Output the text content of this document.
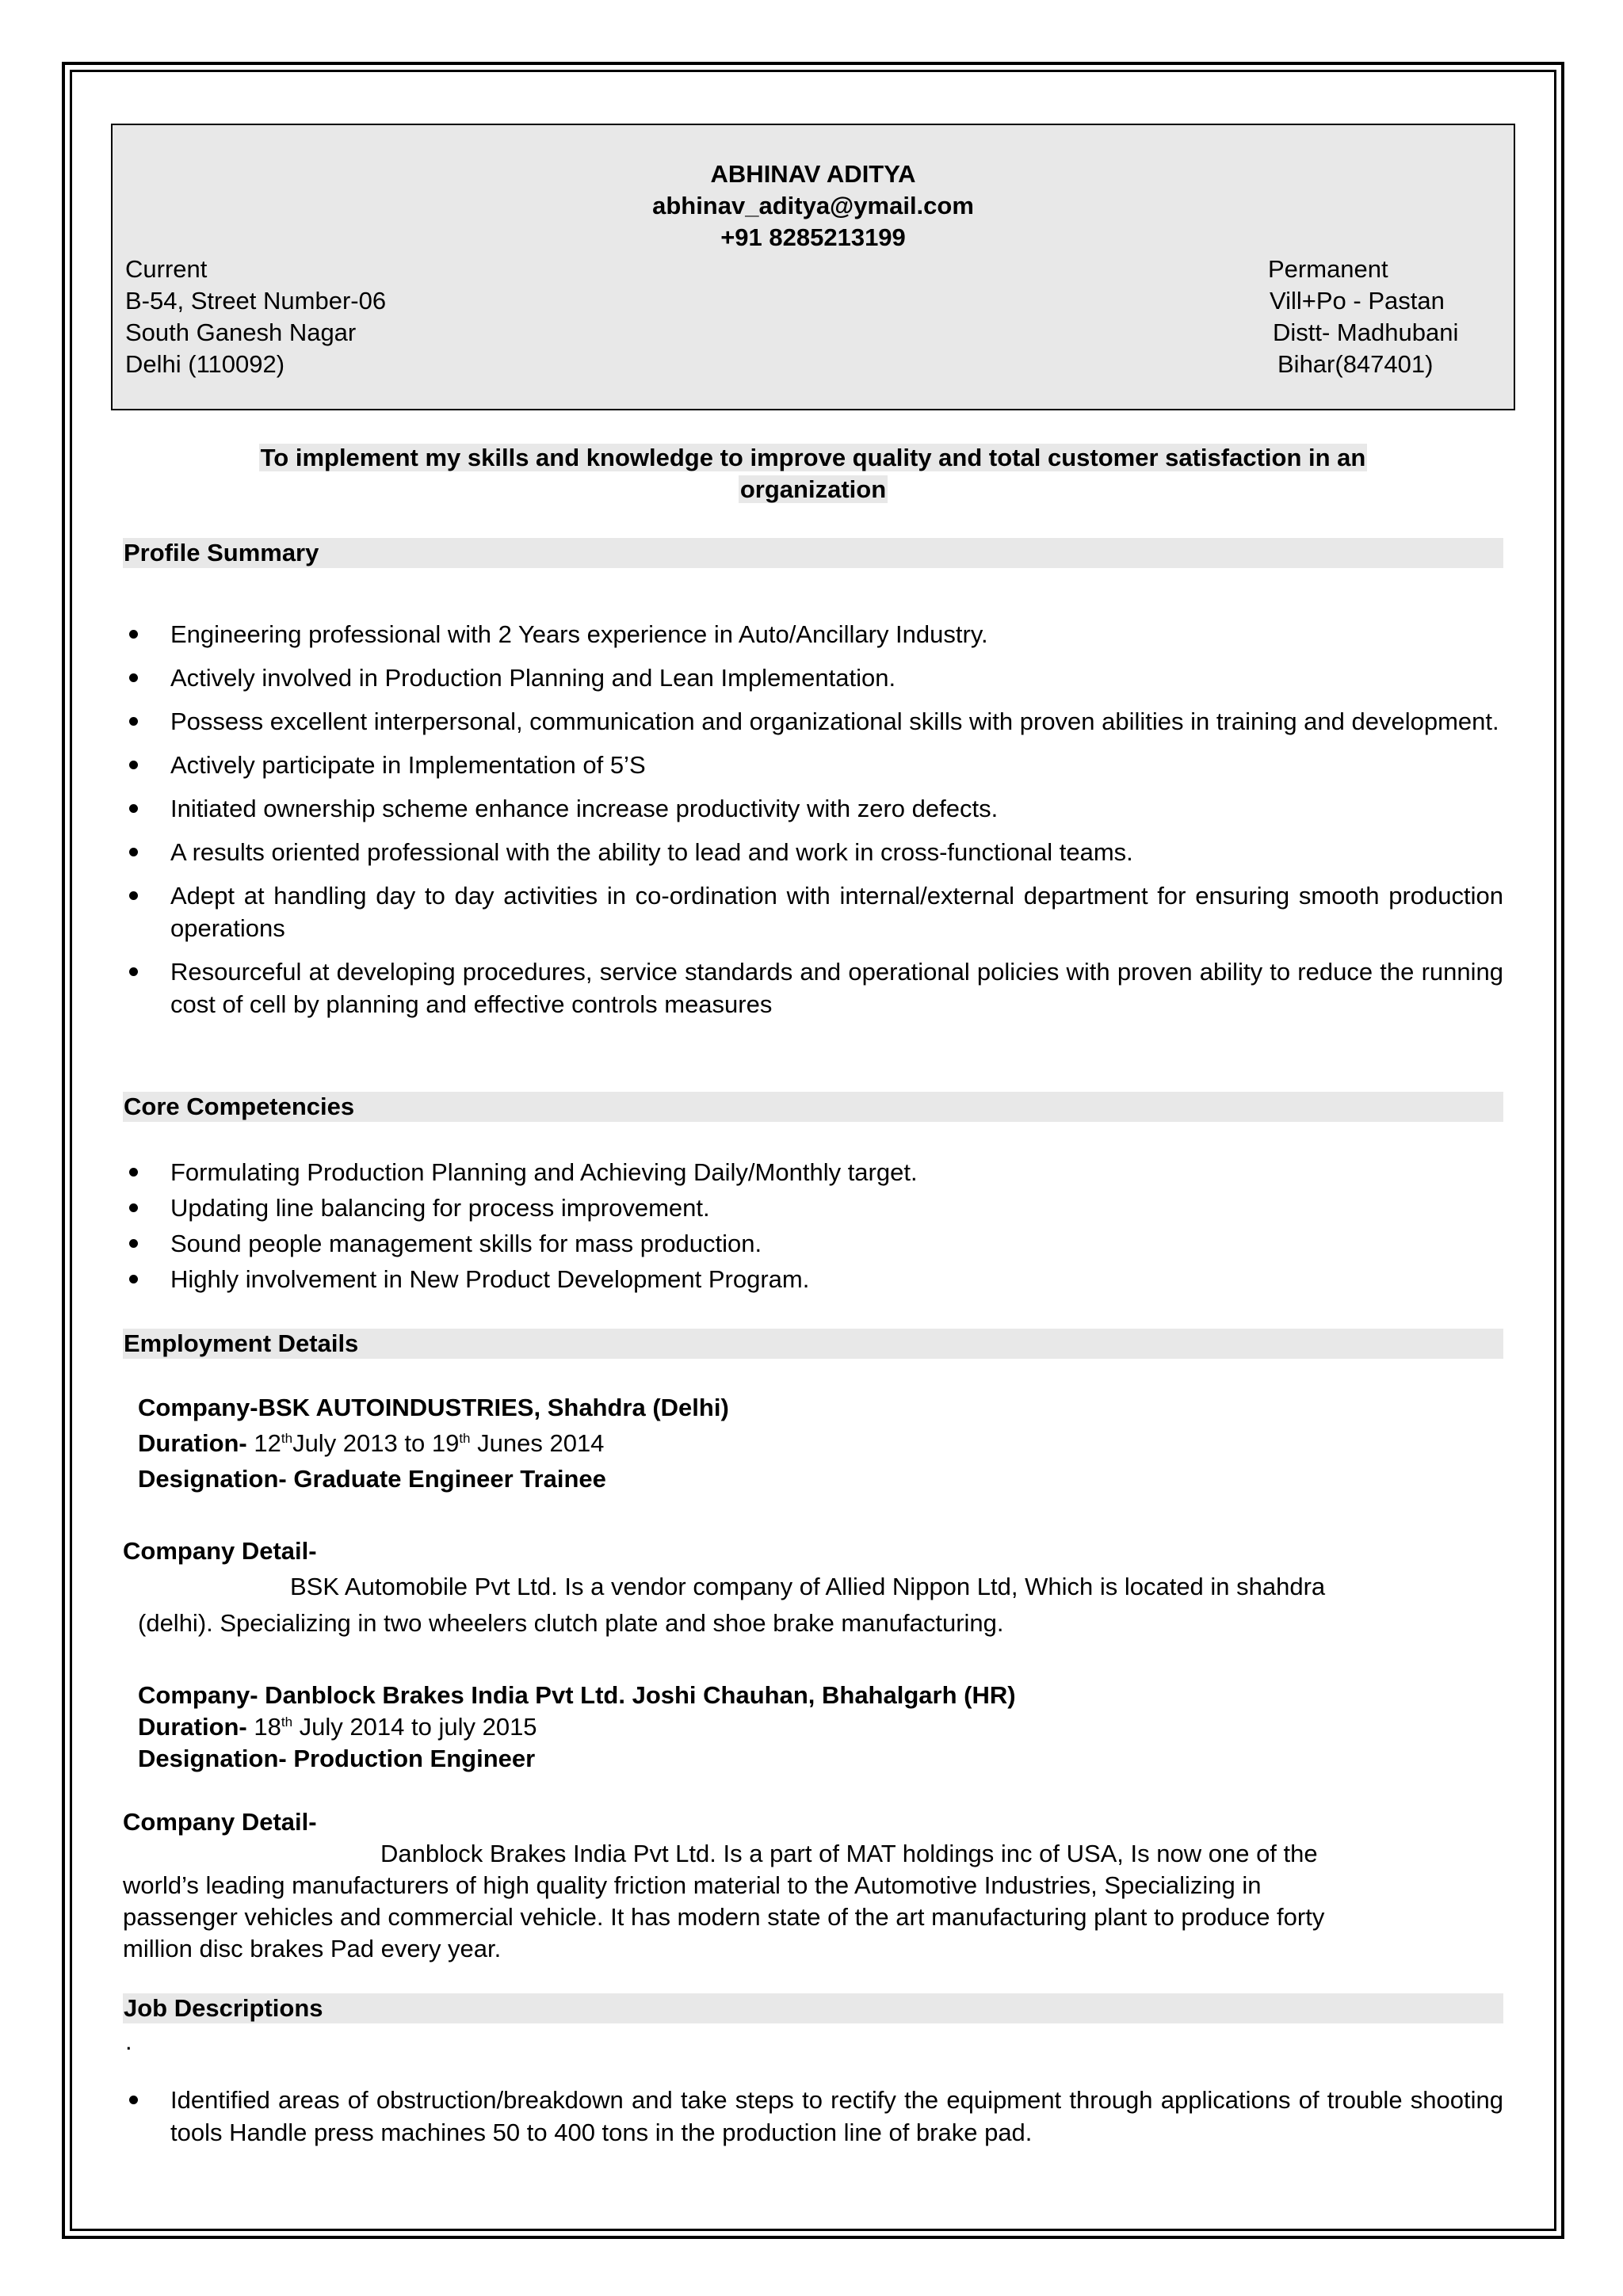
ABHINAV ADITYA
abhinav_aditya@ymail.com
+91 8285213199
Current
B-54, Street Number-06
South Ganesh Nagar
Delhi (110092)
Permanent
Vill+Po - Pastan
Distt- Madhubani
Bihar(847401)
To implement my skills and knowledge to improve quality and total customer satisfaction in an
organization
Profile Summary
Engineering professional with 2 Years experience in Auto/Ancillary Industry.
Actively involved in Production Planning and Lean Implementation.
Possess excellent interpersonal, communication and organizational skills with proven abilities in training and development.
Actively participate in Implementation of 5’S
Initiated ownership scheme enhance increase productivity with zero defects.
A results oriented professional with the ability to lead and work in cross-functional teams.
Adept at handling day to day activities in co-ordination with internal/external department for ensuring smooth production operations
Resourceful at developing procedures, service standards and operational policies with proven ability to reduce the running cost of cell by planning and effective controls measures
Core Competencies
Formulating Production Planning and Achieving Daily/Monthly target.
Updating line balancing for process improvement.
Sound people management skills for mass production.
Highly involvement in New Product Development Program.
Employment Details
Company-BSK AUTOINDUSTRIES, Shahdra (Delhi)
Duration- 12thJuly 2013 to 19th Junes 2014
Designation- Graduate Engineer Trainee
Company Detail-
BSK Automobile Pvt Ltd. Is a vendor company of Allied Nippon Ltd, Which is located in shahdra
(delhi). Specializing in two wheelers clutch plate and shoe brake manufacturing.
Company- Danblock Brakes India Pvt Ltd. Joshi Chauhan, Bhahalgarh (HR)
Duration- 18th July 2014 to july 2015
Designation- Production Engineer
Company Detail-
Danblock Brakes India Pvt Ltd. Is a part of MAT holdings inc of USA, Is now one of the
world’s leading manufacturers of high quality friction material to the Automotive Industries, Specializing in
passenger vehicles and commercial vehicle. It has modern state of the art manufacturing plant to produce forty
million disc brakes Pad every year.
Job Descriptions
.
Identified areas of obstruction/breakdown and take steps to rectify the equipment through applications of trouble shooting tools Handle press machines 50 to 400 tons in the production line of brake pad.
